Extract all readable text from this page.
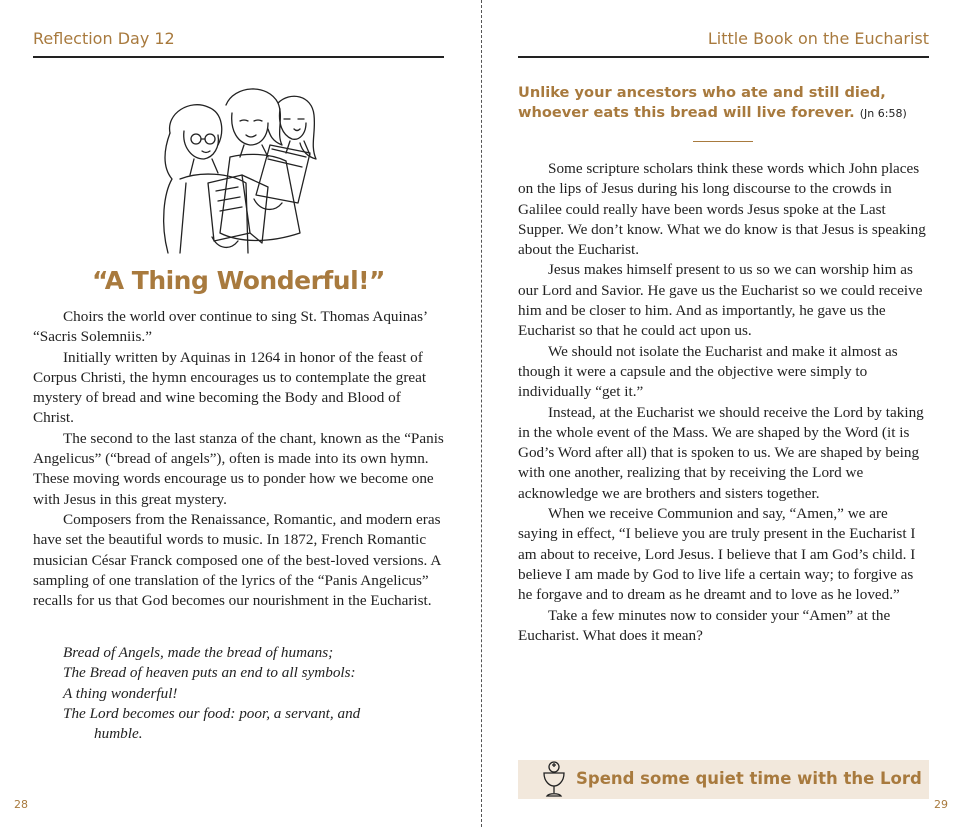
Reflection Day 12
“A Thing Wonderful!”

Choirs the world over continue to sing St. Thomas Aquinas’ “Sacris Solemniis.”

Initially written by Aquinas in 1264 in honor of the feast of Corpus Christi, the hymn encourages us to contemplate the great mystery of bread and wine becoming the Body and Blood of Christ.

The second to the last stanza of the chant, known as the “Panis Angelicus” (“bread of angels”), often is made into its own hymn. These moving words encourage us to ponder how we become one with Jesus in this great mystery.

Composers from the Renaissance, Romantic, and modern eras have set the beautiful words to music. In 1872, French Romantic musician César Franck composed one of the best-loved versions. A sampling of one translation of the lyrics of the “Panis Angelicus” recalls for us that God becomes our nourishment in the Eucharist.

Bread of Angels, made the bread of humans;
The Bread of heaven puts an end to all symbols:
A thing wonderful!
The Lord becomes our food: poor, a servant, and
humble.
28
Little Book on the Eucharist
Unlike your ancestors who ate and still died, whoever eats this bread will live forever. (Jn 6:58)

Some scripture scholars think these words which John places on the lips of Jesus during his long discourse to the crowds in Galilee could really have been words Jesus spoke at the Last Supper. We don’t know. What we do know is that Jesus is speaking about the Eucharist.

Jesus makes himself present to us so we can worship him as our Lord and Savior. He gave us the Eucharist so we could receive him and be closer to him. And as importantly, he gave us the Eucharist so that he could act upon us.

We should not isolate the Eucharist and make it almost as though it were a capsule and the objective were simply to individually “get it.”

Instead, at the Eucharist we should receive the Lord by taking in the whole event of the Mass. We are shaped by the Word (it is God’s Word after all) that is spoken to us. We are shaped by being with one another, realizing that by receiving the Lord we acknowledge we are brothers and sisters together.

When we receive Communion and say, “Amen,” we are saying in effect, “I believe you are truly present in the Eucharist I am about to receive, Lord Jesus. I believe that I am God’s child. I believe I am made by God to live life a certain way; to forgive as he forgave and to dream as he dreamt and to love as he loved.”

Take a few minutes now to consider your “Amen” at the Eucharist. What does it mean?

Spend some quiet time with the Lord
29
